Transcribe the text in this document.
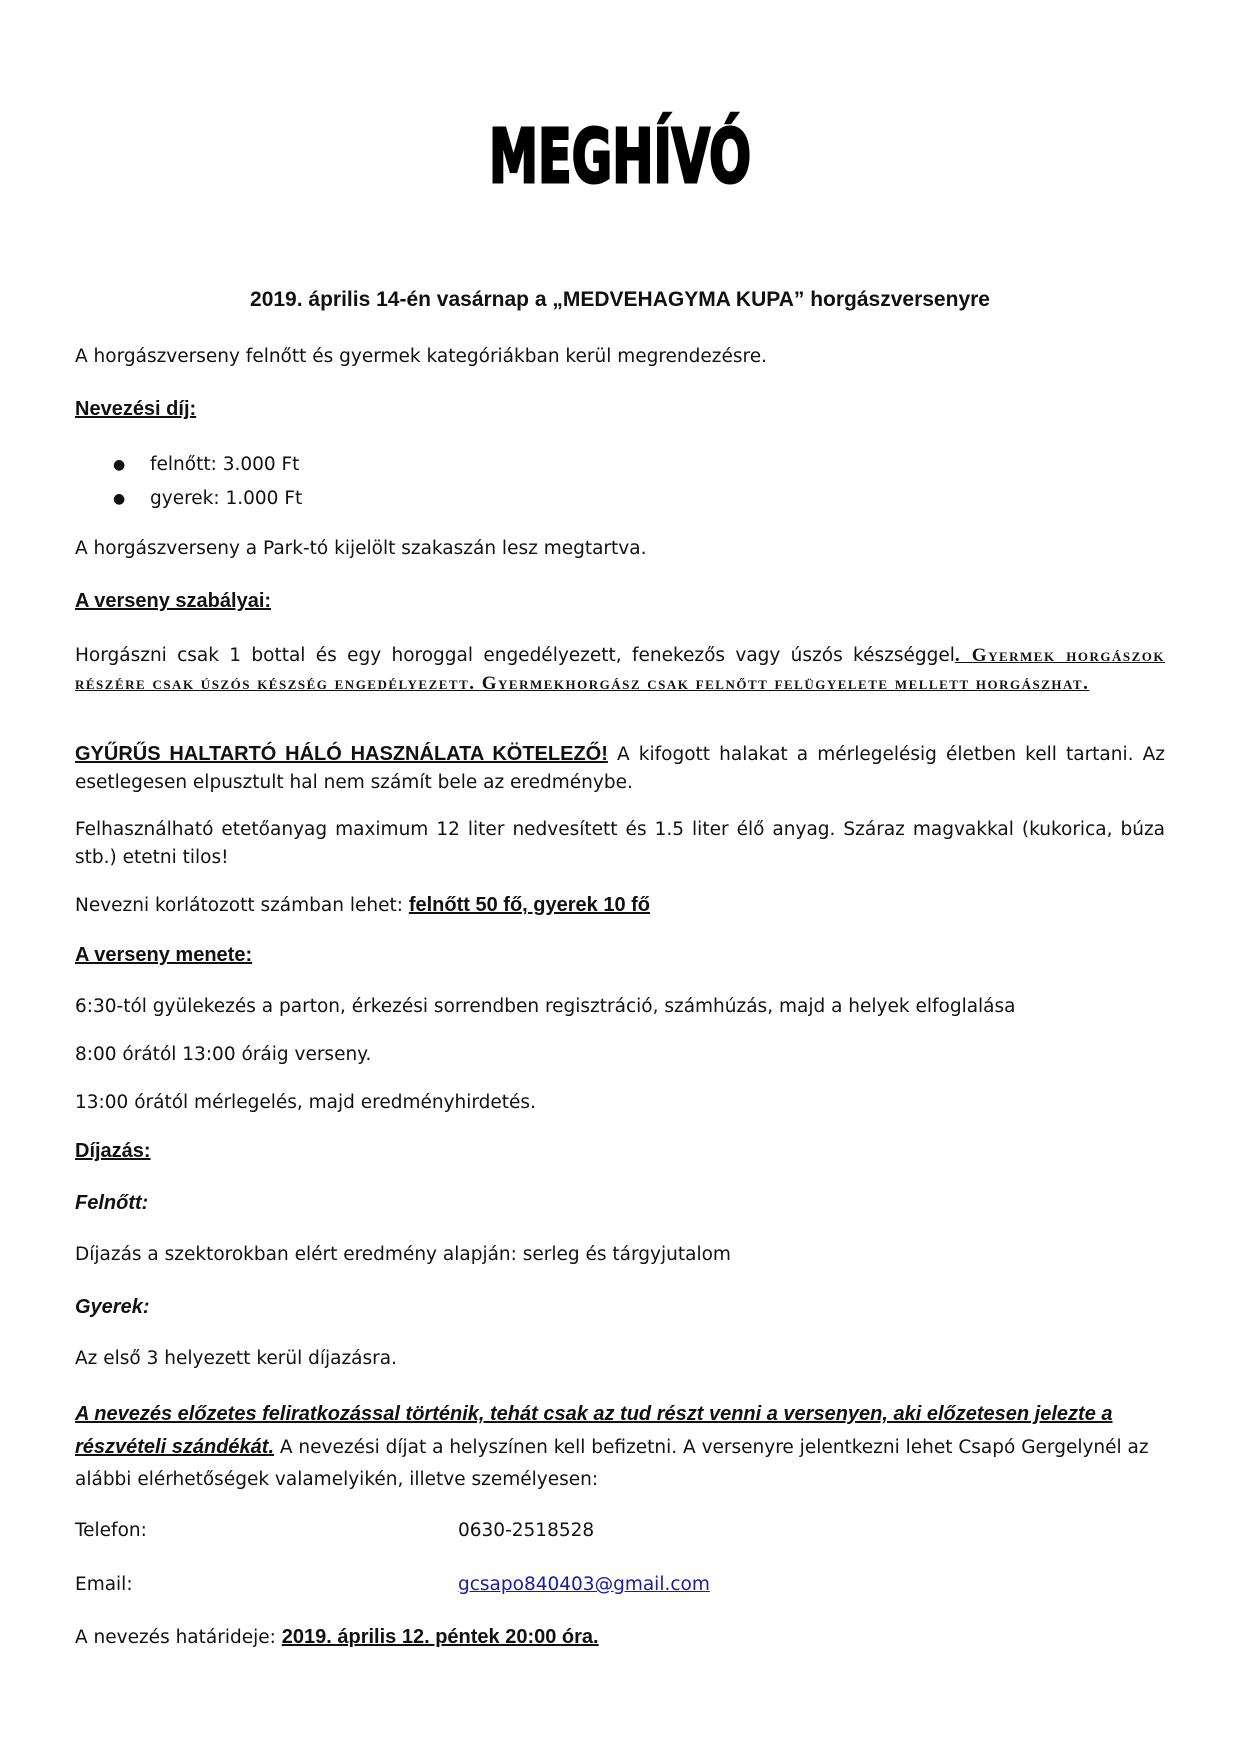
MEGHÍVÓ
2019. április 14-én vasárnap a „MEDVEHAGYMA KUPA” horgászversenyre
A horgászverseny felnőtt és gyermek kategóriákban kerül megrendezésre.
Nevezési díj:
● felnőtt: 3.000 Ft
● gyerek: 1.000 Ft
A horgászverseny a Park-tó kijelölt szakaszán lesz megtartva.
A verseny szabályai:
Horgászni csak 1 bottal és egy horoggal engedélyezett, fenekezős vagy úszós készséggel. Gyermek horgászok részére csak úszós készség engedélyezett. Gyermekhorgász csak felnőtt felügyelete mellett horgászhat.
GYŰRŰS HALTARTÓ HÁLÓ HASZNÁLATA KÖTELEZŐ! A kifogott halakat a mérlegelésig életben kell tartani. Az esetlegesen elpusztult hal nem számít bele az eredménybe.
Felhasználható etetőanyag maximum 12 liter nedvesített és 1.5 liter élő anyag. Száraz magvakkal (kukorica, búza stb.) etetni tilos!
Nevezni korlátozott számban lehet: felnőtt 50 fő, gyerek 10 fő
A verseny menete:
6:30-tól gyülekezés a parton, érkezési sorrendben regisztráció, számhúzás, majd a helyek elfoglalása
8:00 órától 13:00 óráig verseny.
13:00 órától mérlegelés, majd eredményhirdetés.
Díjazás:
Felnőtt:
Díjazás a szektorokban elért eredmény alapján: serleg és tárgyjutalom
Gyerek:
Az első 3 helyezett kerül díjazásra.
A nevezés előzetes feliratkozással történik, tehát csak az tud részt venni a versenyen, aki előzetesen jelezte a részvételi szándékát. A nevezési díjat a helyszínen kell befizetni. A versenyre jelentkezni lehet Csapó Gergelynél az alábbi elérhetőségek valamelyikén, illetve személyesen:
Telefon:	0630-2518528
Email:	gcsapo840403@gmail.com
A nevezés határideje: 2019. április 12. péntek 20:00 óra.
